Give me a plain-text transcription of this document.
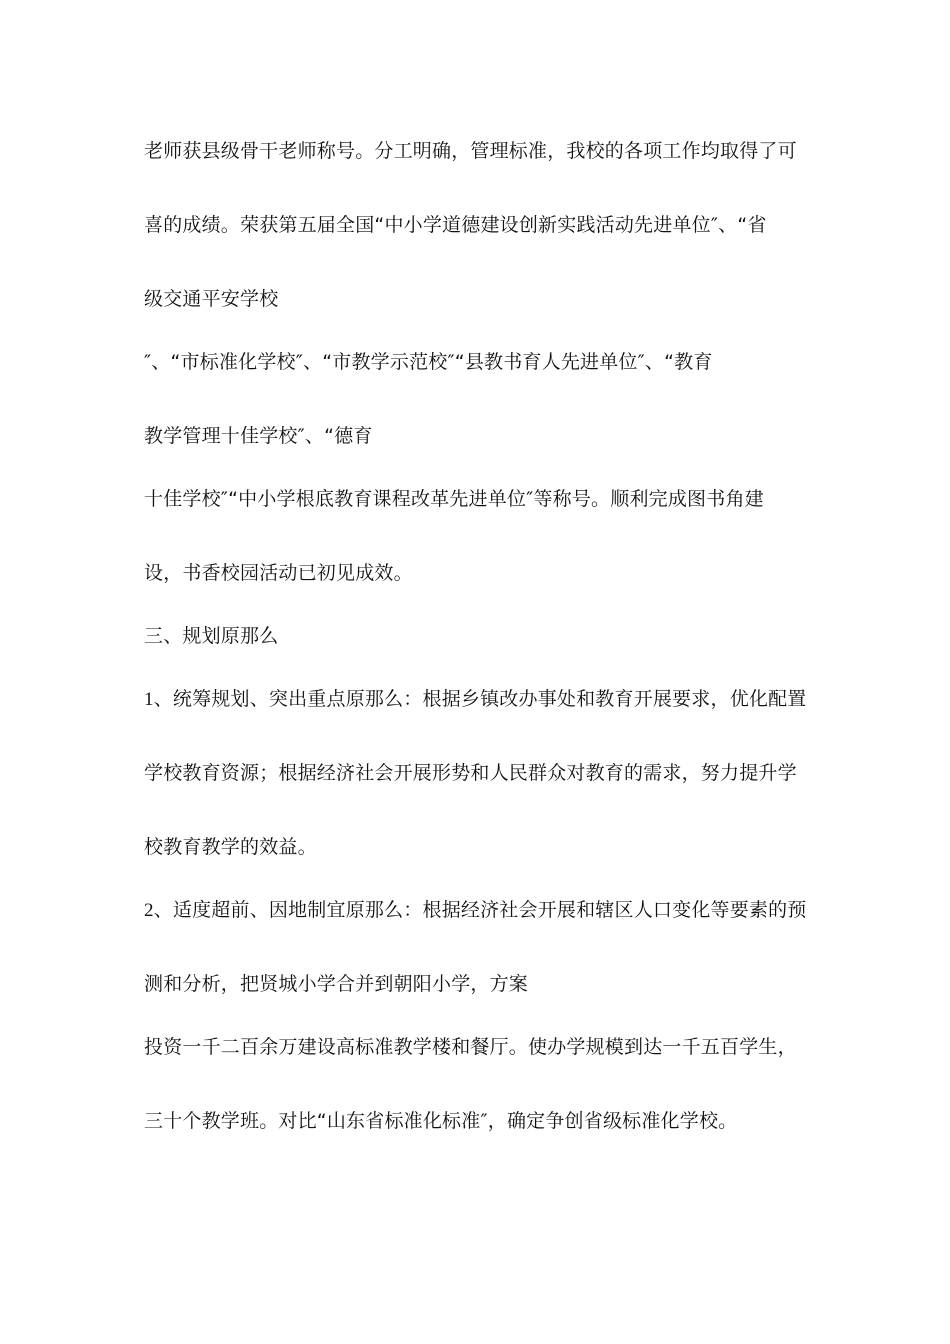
老师获县级骨干老师称号。分工明确，管理标准，我校的各项工作均取得了可
喜的成绩。荣获第五届全国“中小学道德建设创新实践活动先进单位″、“省
级交通平安学校
″、“市标准化学校″、“市教学示范校″“县教书育人先进单位″、“教育
教学管理十佳学校″、“德育
十佳学校″“中小学根底教育课程改革先进单位″等称号。顺利完成图书角建
设，书香校园活动已初见成效。
三、规划原那么
1、统筹规划、突出重点原那么：根据乡镇改办事处和教育开展要求，优化配置
学校教育资源；根据经济社会开展形势和人民群众对教育的需求，努力提升学
校教育教学的效益。
2、适度超前、因地制宜原那么：根据经济社会开展和辖区人口变化等要素的预
测和分析，把贤城小学合并到朝阳小学，方案
投资一千二百余万建设高标准教学楼和餐厅。使办学规模到达一千五百学生，
三十个教学班。对比“山东省标准化标准″，确定争创省级标准化学校。
